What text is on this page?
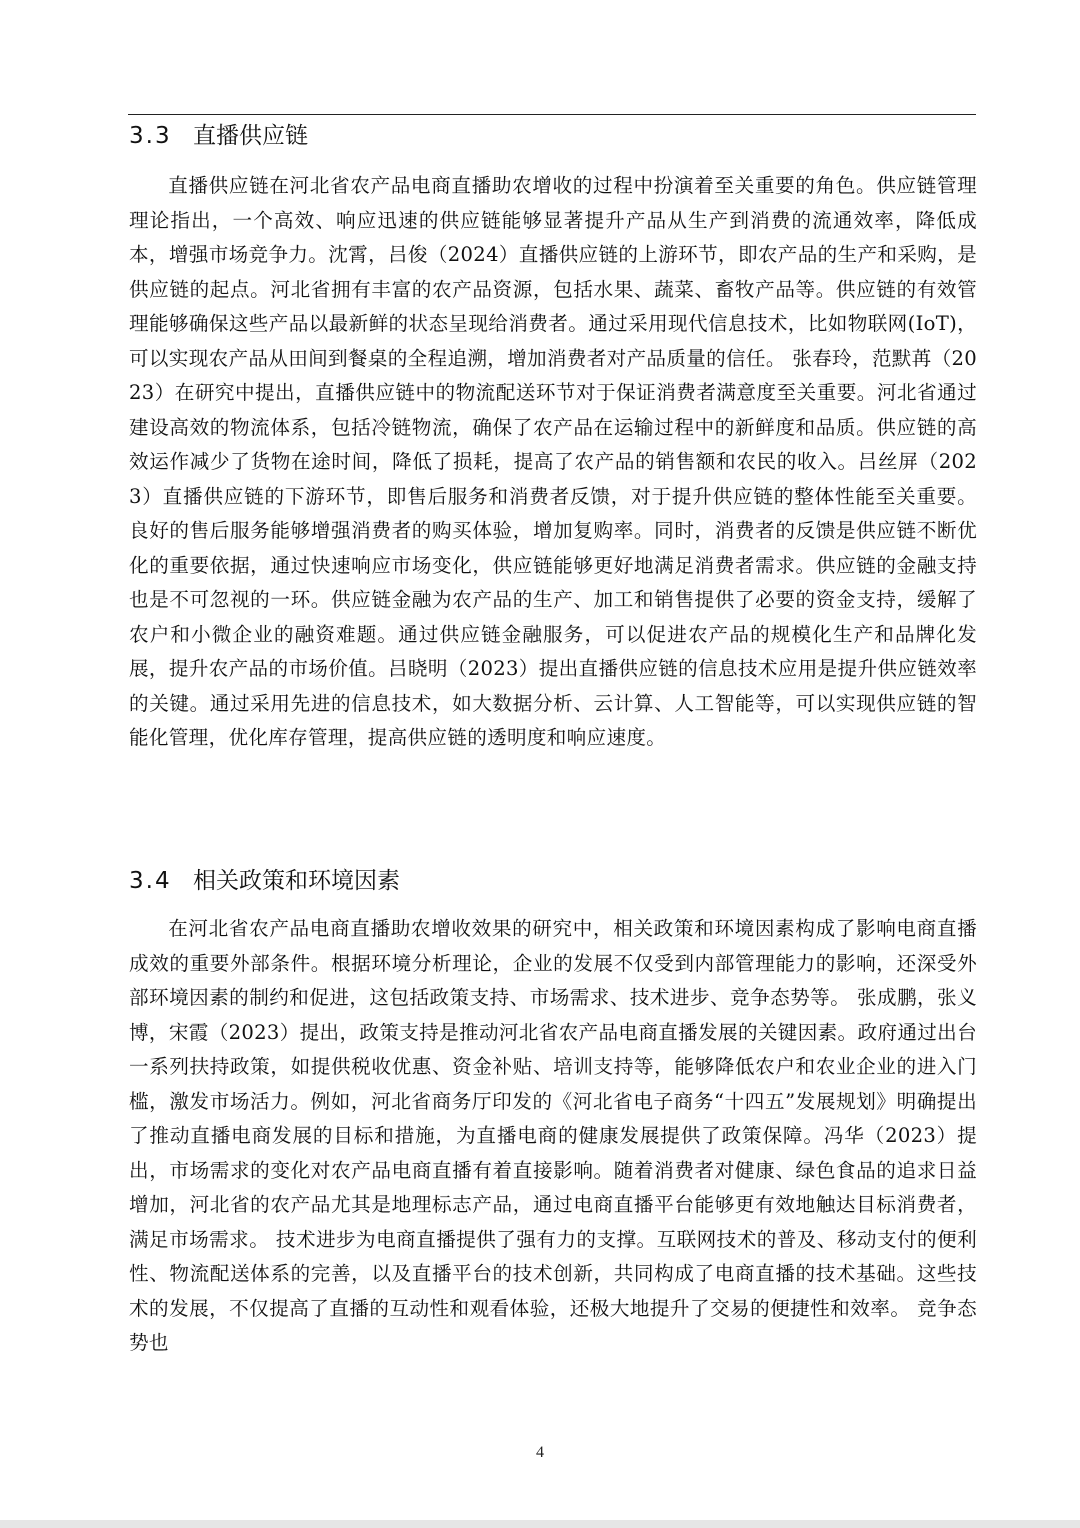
3.3 直播供应链

直播供应链在河北省农产品电商直播助农增收的过程中扮演着至关重要的角色。供应链管理理论指出，一个高效、响应迅速的供应链能够显著提升产品从生产到消费的流通效率，降低成本，增强市场竞争力。沈霄，吕俊（2024）直播供应链的上游环节，即农产品的生产和采购，是供应链的起点。河北省拥有丰富的农产品资源，包括水果、蔬菜、畜牧产品等。供应链的有效管理能够确保这些产品以最新鲜的状态呈现给消费者。通过采用现代信息技术，比如物联网(IoT)，可以实现农产品从田间到餐桌的全程追溯，增加消费者对产品质量的信任。 张春玲，范默苒（2023）在研究中提出，直播供应链中的物流配送环节对于保证消费者满意度至关重要。河北省通过建设高效的物流体系，包括冷链物流，确保了农产品在运输过程中的新鲜度和品质。供应链的高效运作减少了货物在途时间，降低了损耗，提高了农产品的销售额和农民的收入。吕丝屏（2023）直播供应链的下游环节，即售后服务和消费者反馈，对于提升供应链的整体性能至关重要。良好的售后服务能够增强消费者的购买体验，增加复购率。同时，消费者的反馈是供应链不断优化的重要依据，通过快速响应市场变化，供应链能够更好地满足消费者需求。供应链的金融支持也是不可忽视的一环。供应链金融为农产品的生产、加工和销售提供了必要的资金支持，缓解了农户和小微企业的融资难题。通过供应链金融服务，可以促进农产品的规模化生产和品牌化发展，提升农产品的市场价值。吕晓明（2023）提出直播供应链的信息技术应用是提升供应链效率的关键。通过采用先进的信息技术，如大数据分析、云计算、人工智能等，可以实现供应链的智能化管理，优化库存管理，提高供应链的透明度和响应速度。

3.4 相关政策和环境因素

在河北省农产品电商直播助农增收效果的研究中，相关政策和环境因素构成了影响电商直播成效的重要外部条件。根据环境分析理论，企业的发展不仅受到内部管理能力的影响，还深受外部环境因素的制约和促进，这包括政策支持、市场需求、技术进步、竞争态势等。 张成鹏，张义博，宋霞（2023）提出，政策支持是推动河北省农产品电商直播发展的关键因素。政府通过出台一系列扶持政策，如提供税收优惠、资金补贴、培训支持等，能够降低农户和农业企业的进入门槛，激发市场活力。例如，河北省商务厅印发的《河北省电子商务“十四五”发展规划》明确提出了推动直播电商发展的目标和措施，为直播电商的健康发展提供了政策保障。冯华（2023）提出，市场需求的变化对农产品电商直播有着直接影响。随着消费者对健康、绿色食品的追求日益增加，河北省的农产品尤其是地理标志产品，通过电商直播平台能够更有效地触达目标消费者，满足市场需求。 技术进步为电商直播提供了强有力的支撑。互联网技术的普及、移动支付的便利性、物流配送体系的完善，以及直播平台的技术创新，共同构成了电商直播的技术基础。这些技术的发展，不仅提高了直播的互动性和观看体验，还极大地提升了交易的便捷性和效率。 竞争态势也

4
